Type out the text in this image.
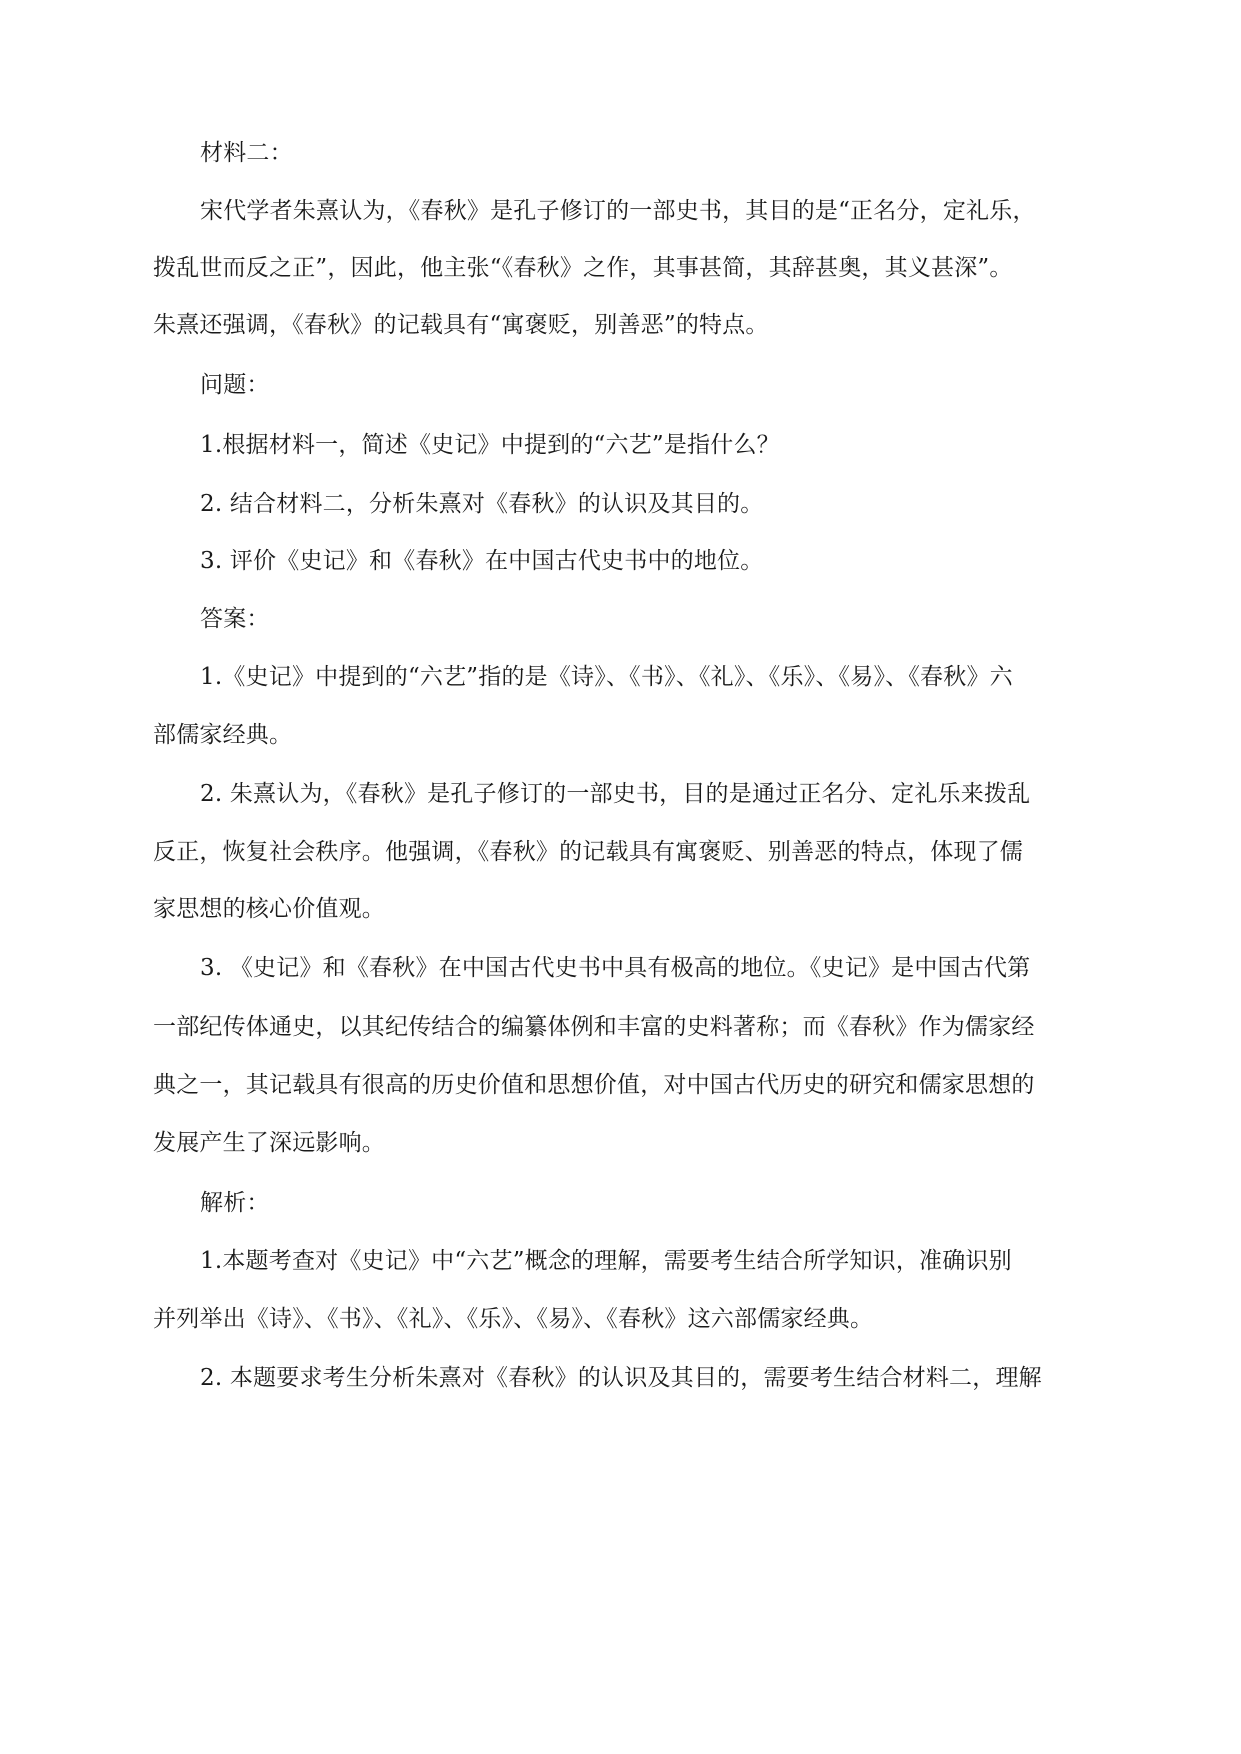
材料二：
宋代学者朱熹认为，《春秋》是孔子修订的一部史书，其目的是“正名分，定礼乐，
拨乱世而反之正”，因此，他主张“《春秋》之作，其事甚简，其辞甚奥，其义甚深”。
朱熹还强调，《春秋》的记载具有“寓褒贬，别善恶”的特点。
问题：
1.根据材料一，简述《史记》中提到的“六艺”是指什么？
2. 结合材料二，分析朱熹对《春秋》的认识及其目的。
3. 评价《史记》和《春秋》在中国古代史书中的地位。
答案：
1.《史记》中提到的“六艺”指的是《诗》、《书》、《礼》、《乐》、《易》、《春秋》六
部儒家经典。
2. 朱熹认为，《春秋》是孔子修订的一部史书，目的是通过正名分、定礼乐来拨乱
反正，恢复社会秩序。他强调，《春秋》的记载具有寓褒贬、别善恶的特点，体现了儒
家思想的核心价值观。
3. 《史记》和《春秋》在中国古代史书中具有极高的地位。《史记》是中国古代第
一部纪传体通史，以其纪传结合的编纂体例和丰富的史料著称；而《春秋》作为儒家经
典之一，其记载具有很高的历史价值和思想价值，对中国古代历史的研究和儒家思想的
发展产生了深远影响。
解析：
1.本题考查对《史记》中“六艺”概念的理解，需要考生结合所学知识，准确识别
并列举出《诗》、《书》、《礼》、《乐》、《易》、《春秋》这六部儒家经典。
2. 本题要求考生分析朱熹对《春秋》的认识及其目的，需要考生结合材料二，理解
